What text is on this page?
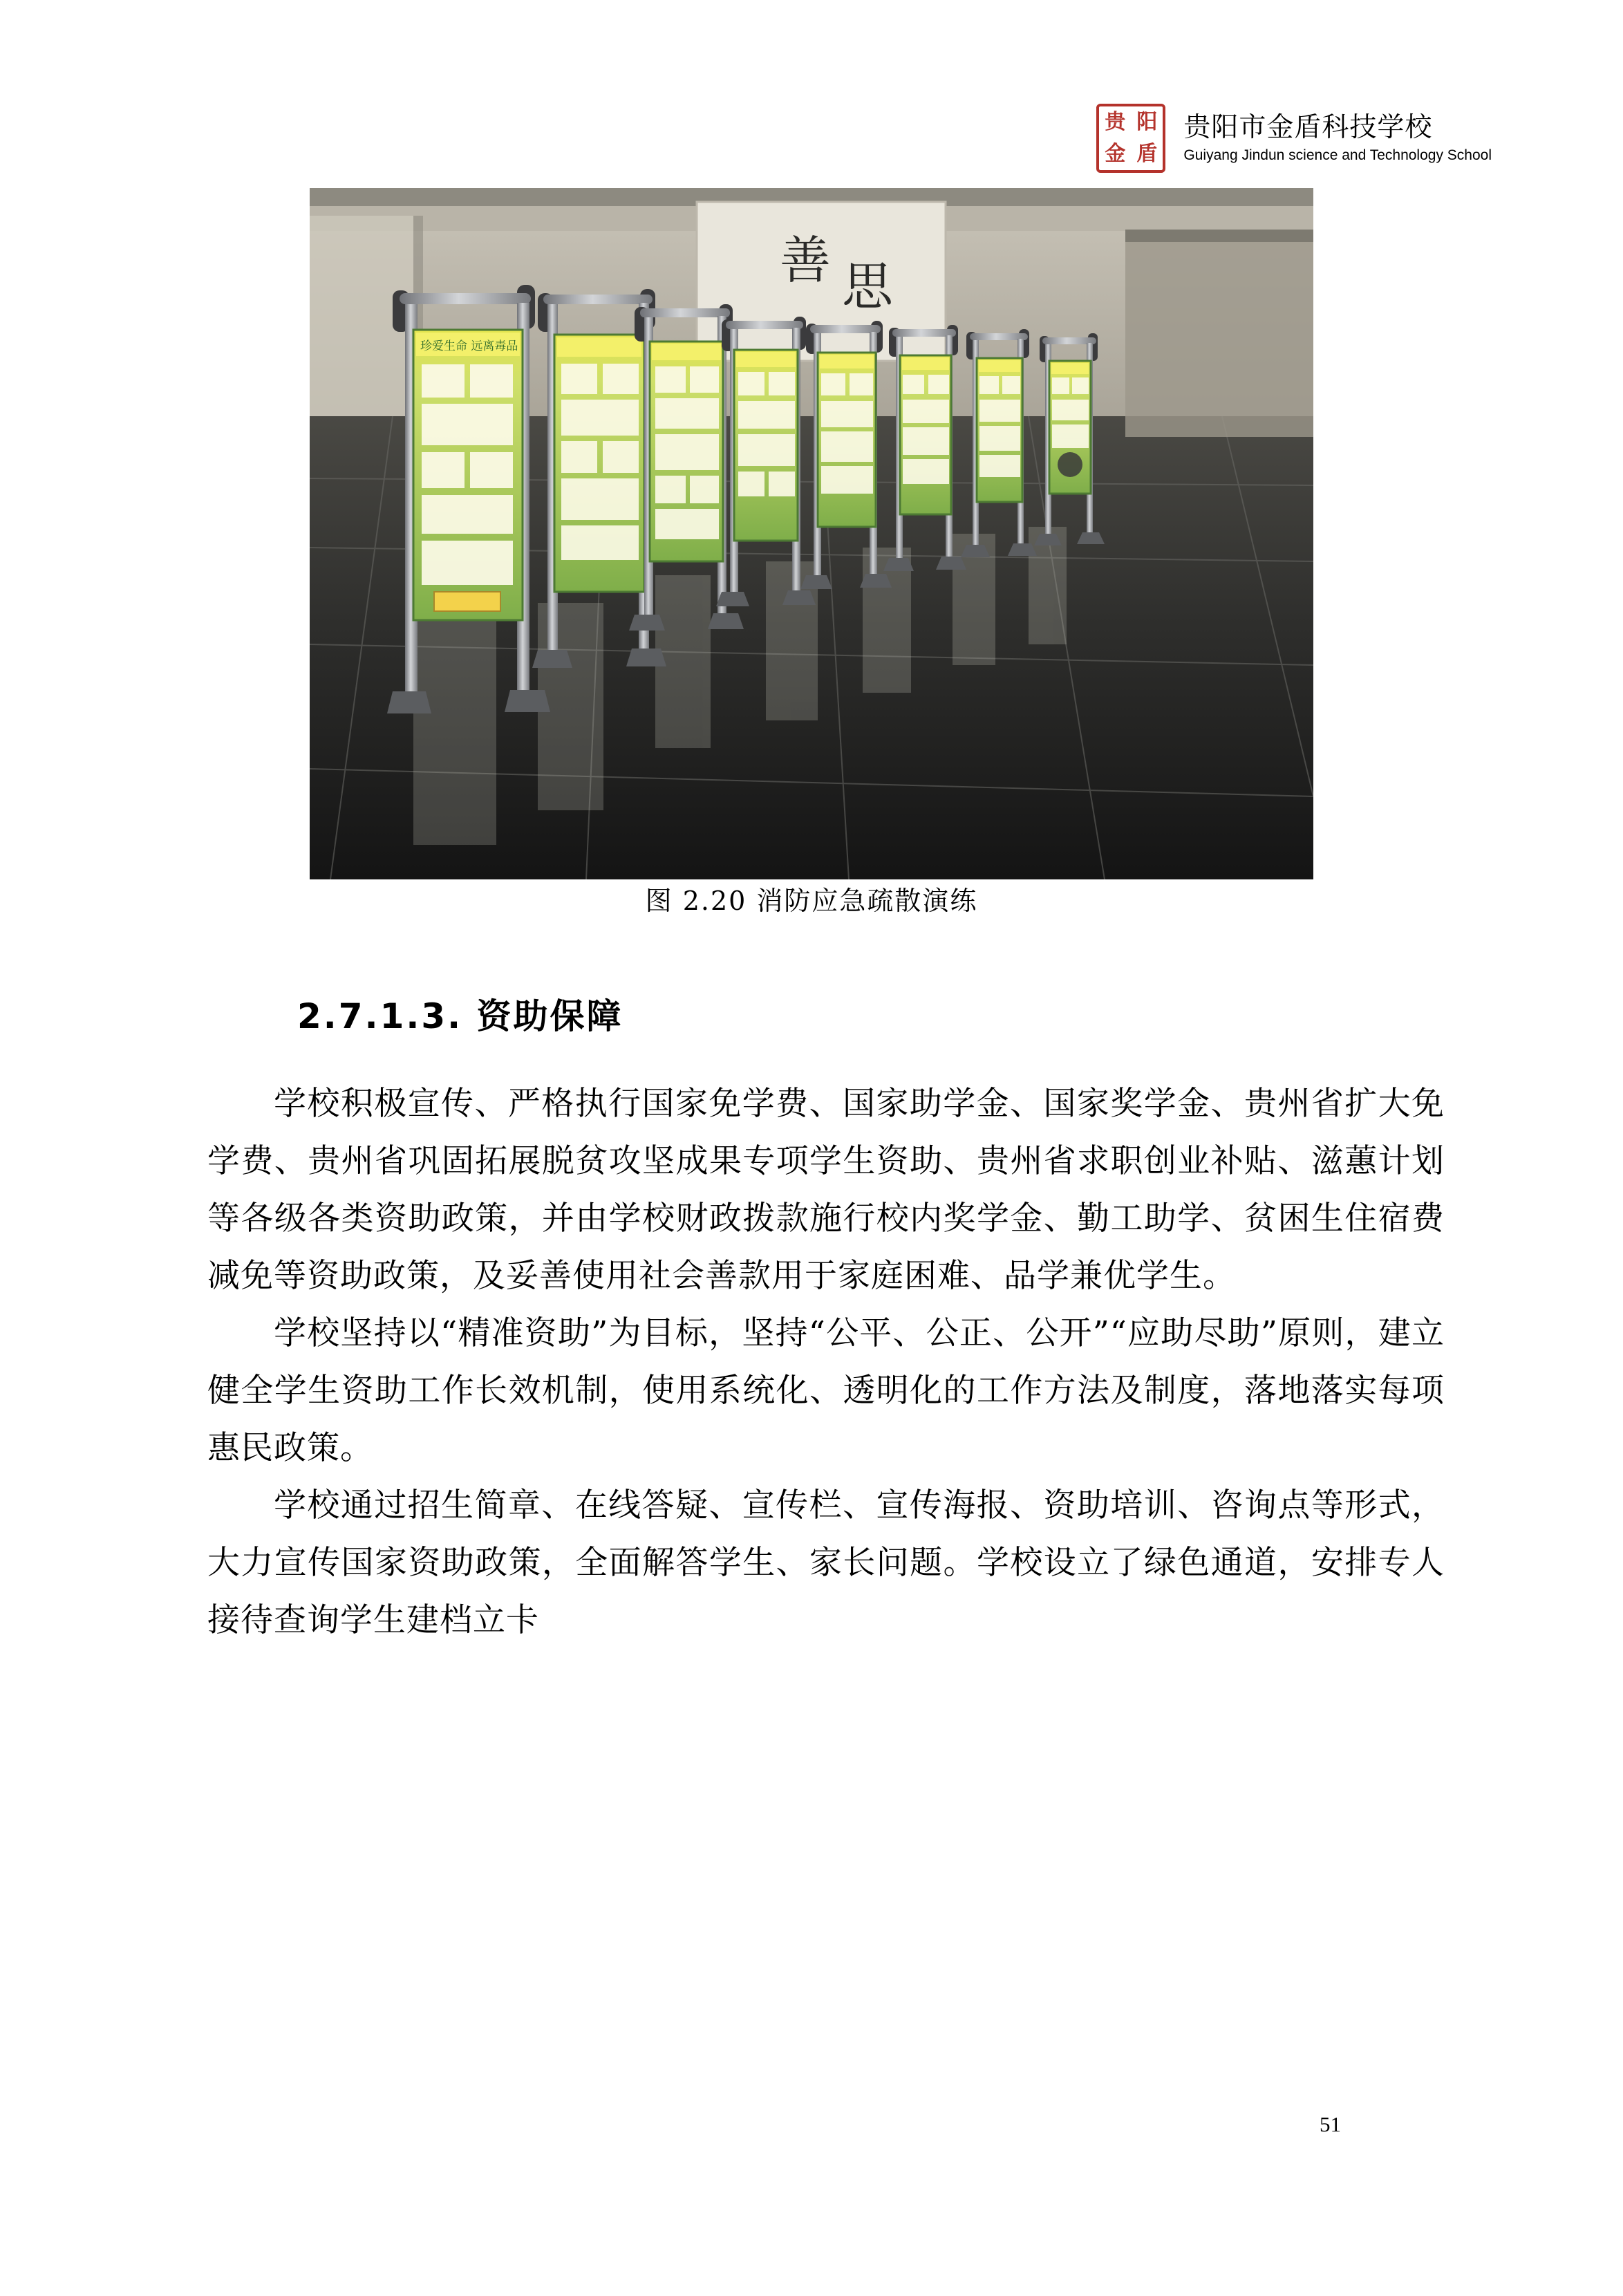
贵 阳
金 盾
贵阳市金盾科技学校
Guiyang Jindun science and Technology School
善 思
珍爱生命 远离毒品
图 2.20 消防应急疏散演练
2.7.1.3. 资助保障

学校积极宣传、严格执行国家免学费、国家助学金、国家奖学金、贵州省扩大免学费、贵州省巩固拓展脱贫攻坚成果专项学生资助、贵州省求职创业补贴、滋蕙计划等各级各类资助政策，并由学校财政拨款施行校内奖学金、勤工助学、贫困生住宿费减免等资助政策，及妥善使用社会善款用于家庭困难、品学兼优学生。

学校坚持以“精准资助”为目标，坚持“公平、公正、公开”“应助尽助”原则，建立健全学生资助工作长效机制，使用系统化、透明化的工作方法及制度，落地落实每项惠民政策。

学校通过招生简章、在线答疑、宣传栏、宣传海报、资助培训、咨询点等形式，大力宣传国家资助政策，全面解答学生、家长问题。学校设立了绿色通道，安排专人接待查询学生建档立卡

51
